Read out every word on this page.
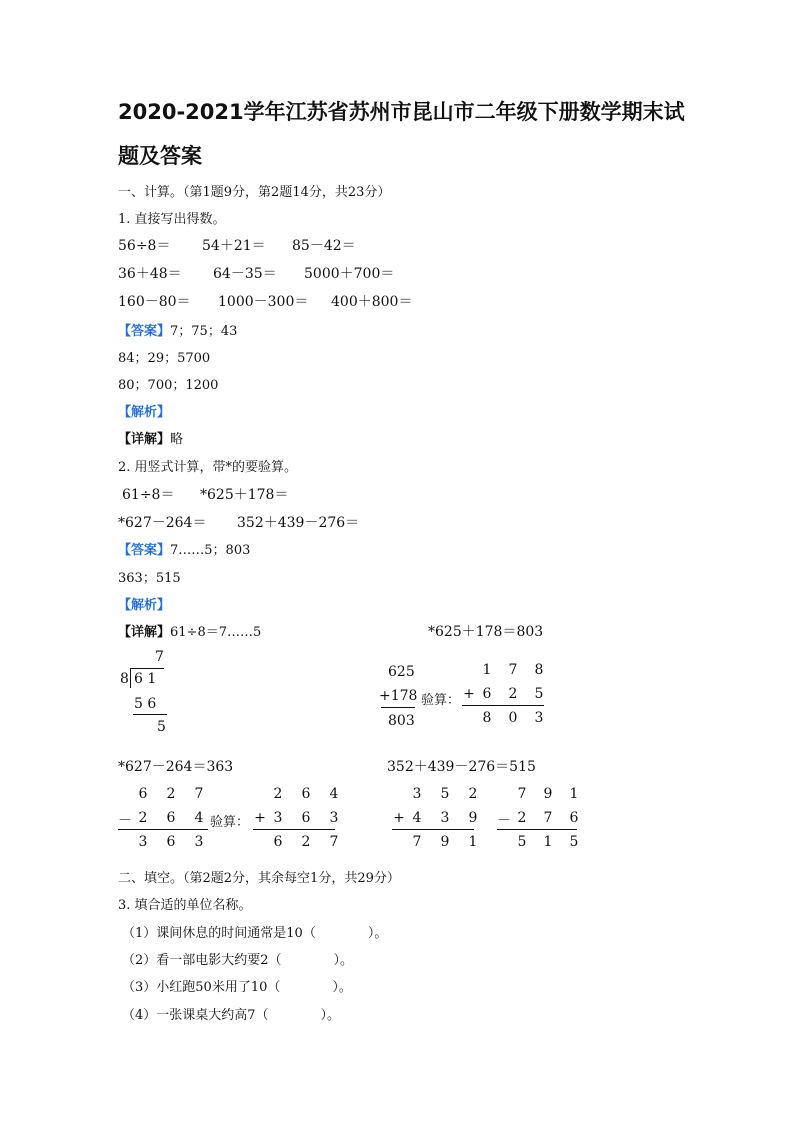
2020-2021学年江苏省苏州市昆山市二年级下册数学期末试
题及答案
一、计算。（第1题9分，第2题14分，共23分）
1. 直接写出得数。
56÷8＝ 54＋21＝ 85－42＝
36＋48＝ 64－35＝ 5000＋700＝
160－80＝ 1000－300＝ 400＋800＝
【答案】7；75；43
84；29；5700
80；700；1200
【解析】
【详解】略
2. 用竖式计算，带*的要验算。
61÷8＝ *625＋178＝
*627－264＝ 352＋439－276＝
【答案】7……5；803
363；515
【解析】
【详解】61÷8＝7……5	*625＋178＝803
7
8 6 1
5 6
5
625
+178
803
验算：
1 7 8
6 2 5
8 0 3
+
6 2 7
2 6 4
3 6 3
－
2 6 4
3 6 3
6 2 7
+
3 5 2
4 3 9
7 9 1
+
7 9 1
2 7 6
5 1 5
－
*627－264＝363	352＋439－276＝515
验算：
二、填空。（第2题2分，其余每空1分，共29分）
3. 填合适的单位名称。
（1）课间休息的时间通常是10（　　　　）。
（2）看一部电影大约要2（　　　　）。
（3）小红跑50米用了10（　　　　）。
（4）一张课桌大约高7（　　　　）。
